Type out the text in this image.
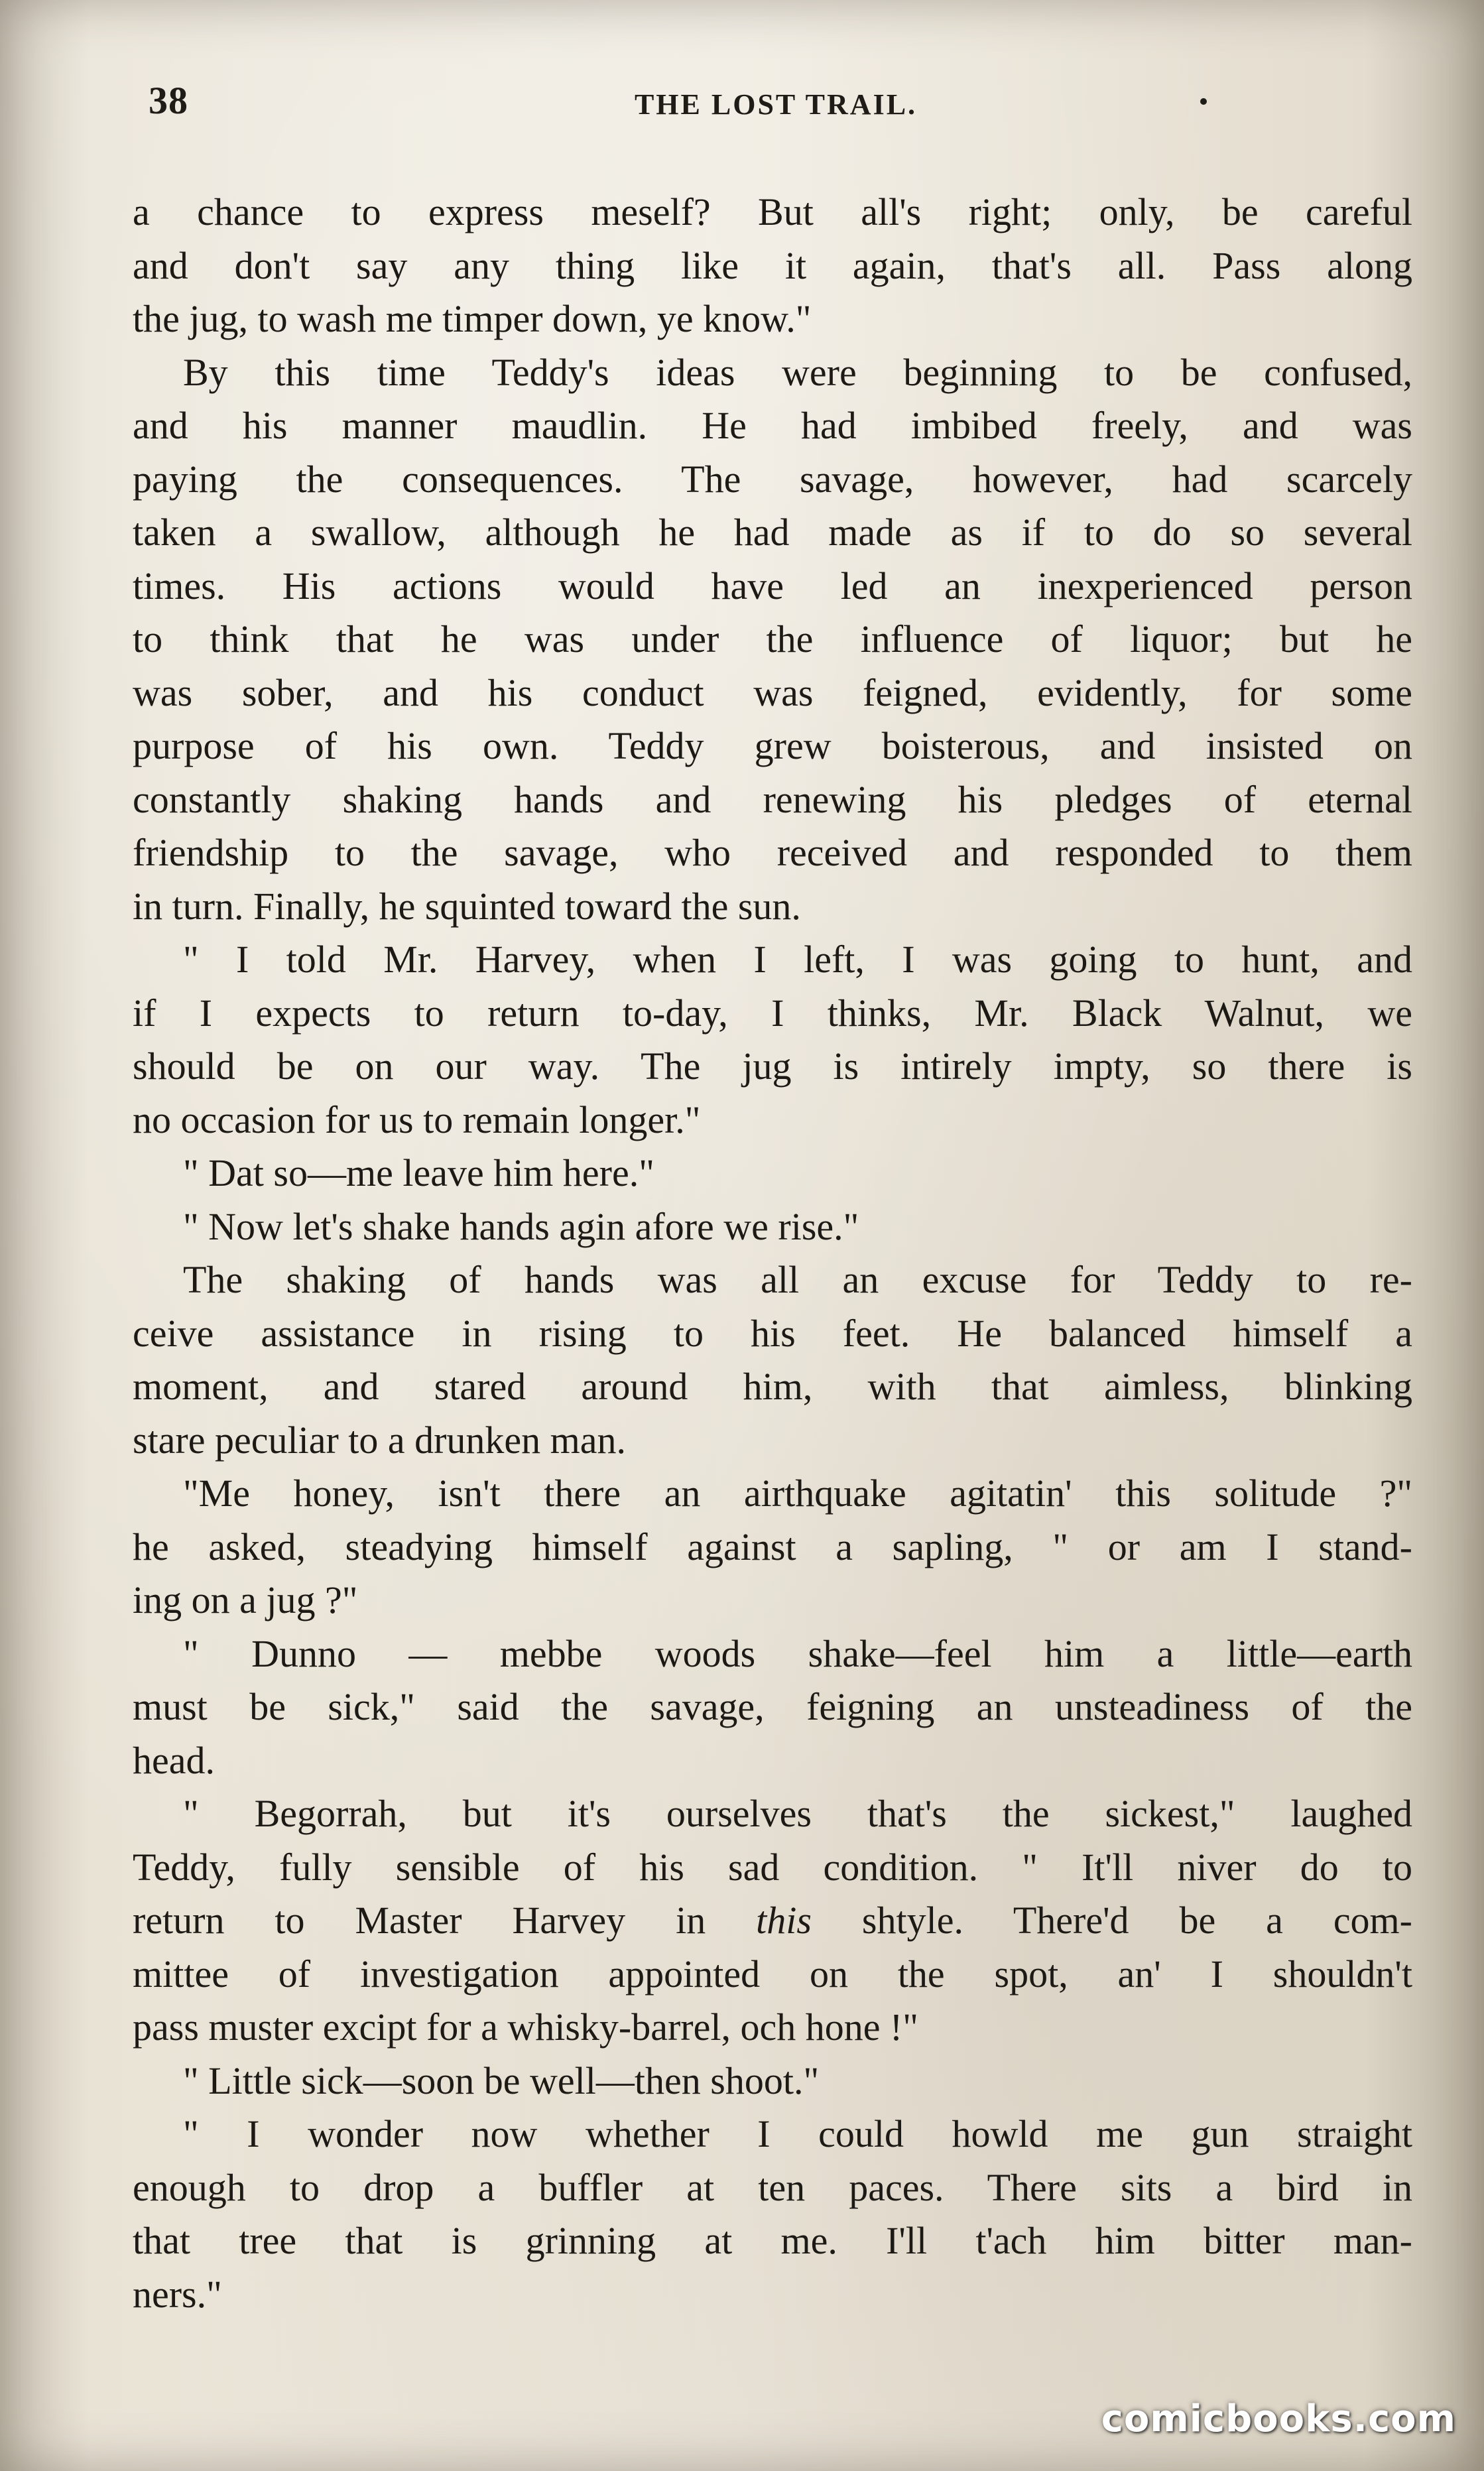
38	THE LOST TRAIL.
a chance to express meself? But all's right; only, be careful
and don't say any thing like it again, that's all. Pass along
the jug, to wash me timper down, ye know."
By this time Teddy's ideas were beginning to be confused,
and his manner maudlin. He had imbibed freely, and was
paying the consequences. The savage, however, had scarcely
taken a swallow, although he had made as if to do so several
times. His actions would have led an inexperienced person
to think that he was under the influence of liquor; but he
was sober, and his conduct was feigned, evidently, for some
purpose of his own. Teddy grew boisterous, and insisted on
constantly shaking hands and renewing his pledges of eternal
friendship to the savage, who received and responded to them
in turn. Finally, he squinted toward the sun.
" I told Mr. Harvey, when I left, I was going to hunt, and
if I expects to return to-day, I thinks, Mr. Black Walnut, we
should be on our way. The jug is intirely impty, so there is
no occasion for us to remain longer."
" Dat so—me leave him here."
" Now let's shake hands agin afore we rise."
The shaking of hands was all an excuse for Teddy to re-
ceive assistance in rising to his feet. He balanced himself a
moment, and stared around him, with that aimless, blinking
stare peculiar to a drunken man.
"Me honey, isn't there an airthquake agitatin' this solitude ?"
he asked, steadying himself against a sapling, " or am I stand-
ing on a jug ?"
" Dunno — mebbe woods shake—feel him a little—earth
must be sick," said the savage, feigning an unsteadiness of the
head.
" Begorrah, but it's ourselves that's the sickest," laughed
Teddy, fully sensible of his sad condition. " It'll niver do to
return to Master Harvey in this shtyle. There'd be a com-
mittee of investigation appointed on the spot, an' I shouldn't
pass muster excipt for a whisky-barrel, och hone !"
" Little sick—soon be well—then shoot."
" I wonder now whether I could howld me gun straight
enough to drop a buffler at ten paces. There sits a bird in
that tree that is grinning at me. I'll t'ach him bitter man-
ners."
comicbooks.com
